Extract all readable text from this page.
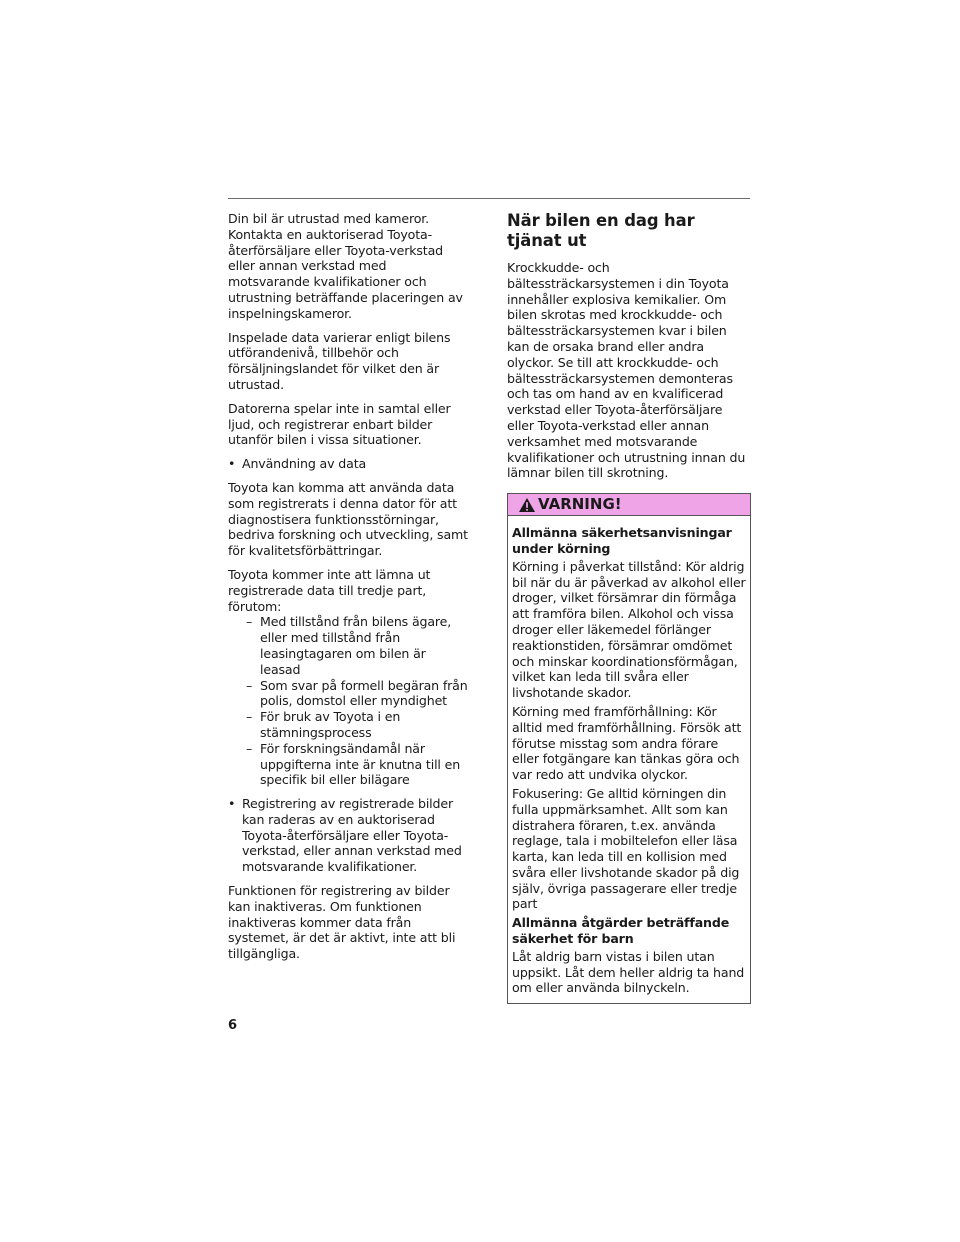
Din bil är utrustad med kameror. Kontakta en auktoriserad Toyota-återförsäljare eller Toyota-verkstad eller annan verkstad med motsvarande kvalifikationer och utrustning beträffande placeringen av inspelningskameror.

Inspelade data varierar enligt bilens utförandenivå, tillbehör och försäljningslandet för vilket den är utrustad.

Datorerna spelar inte in samtal eller ljud, och registrerar enbart bilder utanför bilen i vissa situationer.

• Användning av data

Toyota kan komma att använda data som registrerats i denna dator för att diagnostisera funktionsstörningar, bedriva forskning och utveckling, samt för kvalitetsförbättringar.

Toyota kommer inte att lämna ut registrerade data till tredje part, förutom:

– Med tillstånd från bilens ägare, eller med tillstånd från leasingtagaren om bilen är leasad
– Som svar på formell begäran från polis, domstol eller myndighet
– För bruk av Toyota i en stämningsprocess
– För forskningsändamål när uppgifterna inte är knutna till en specifik bil eller bilägare
• Registrering av registrerade bilder kan raderas av en auktoriserad Toyota-återförsäljare eller Toyota-verkstad, eller annan verkstad med motsvarande kvalifikationer.

Funktionen för registrering av bilder kan inaktiveras. Om funktionen inaktiveras kommer data från systemet, är det är aktivt, inte att bli tillgängliga.

När bilen en dag har tjänat ut

Krockkudde- och bältessträckarsystemen i din Toyota innehåller explosiva kemikalier. Om bilen skrotas med krockkudde- och bältessträckarsystemen kvar i bilen kan de orsaka brand eller andra olyckor. Se till att krockkudde- och bältessträckarsystemen demonteras och tas om hand av en kvalificerad verkstad eller Toyota-återförsäljare eller Toyota-verkstad eller annan verksamhet med motsvarande kvalifikationer och utrustning innan du lämnar bilen till skrotning.

VARNING!

Allmänna säkerhetsanvisningar under körning

Körning i påverkat tillstånd: Kör aldrig bil när du är påverkad av alkohol eller droger, vilket försämrar din förmåga att framföra bilen. Alkohol och vissa droger eller läkemedel förlänger reaktionstiden, försämrar omdömet och minskar koordinationsförmågan, vilket kan leda till svåra eller livshotande skador.

Körning med framförhållning: Kör alltid med framförhållning. Försök att förutse misstag som andra förare eller fotgängare kan tänkas göra och var redo att undvika olyckor.

Fokusering: Ge alltid körningen din fulla uppmärksamhet. Allt som kan distrahera föraren, t.ex. använda reglage, tala i mobiltelefon eller läsa karta, kan leda till en kollision med svåra eller livshotande skador på dig själv, övriga passagerare eller tredje part

Allmänna åtgärder beträffande säkerhet för barn

Låt aldrig barn vistas i bilen utan uppsikt. Låt dem heller aldrig ta hand om eller använda bilnyckeln.

6
